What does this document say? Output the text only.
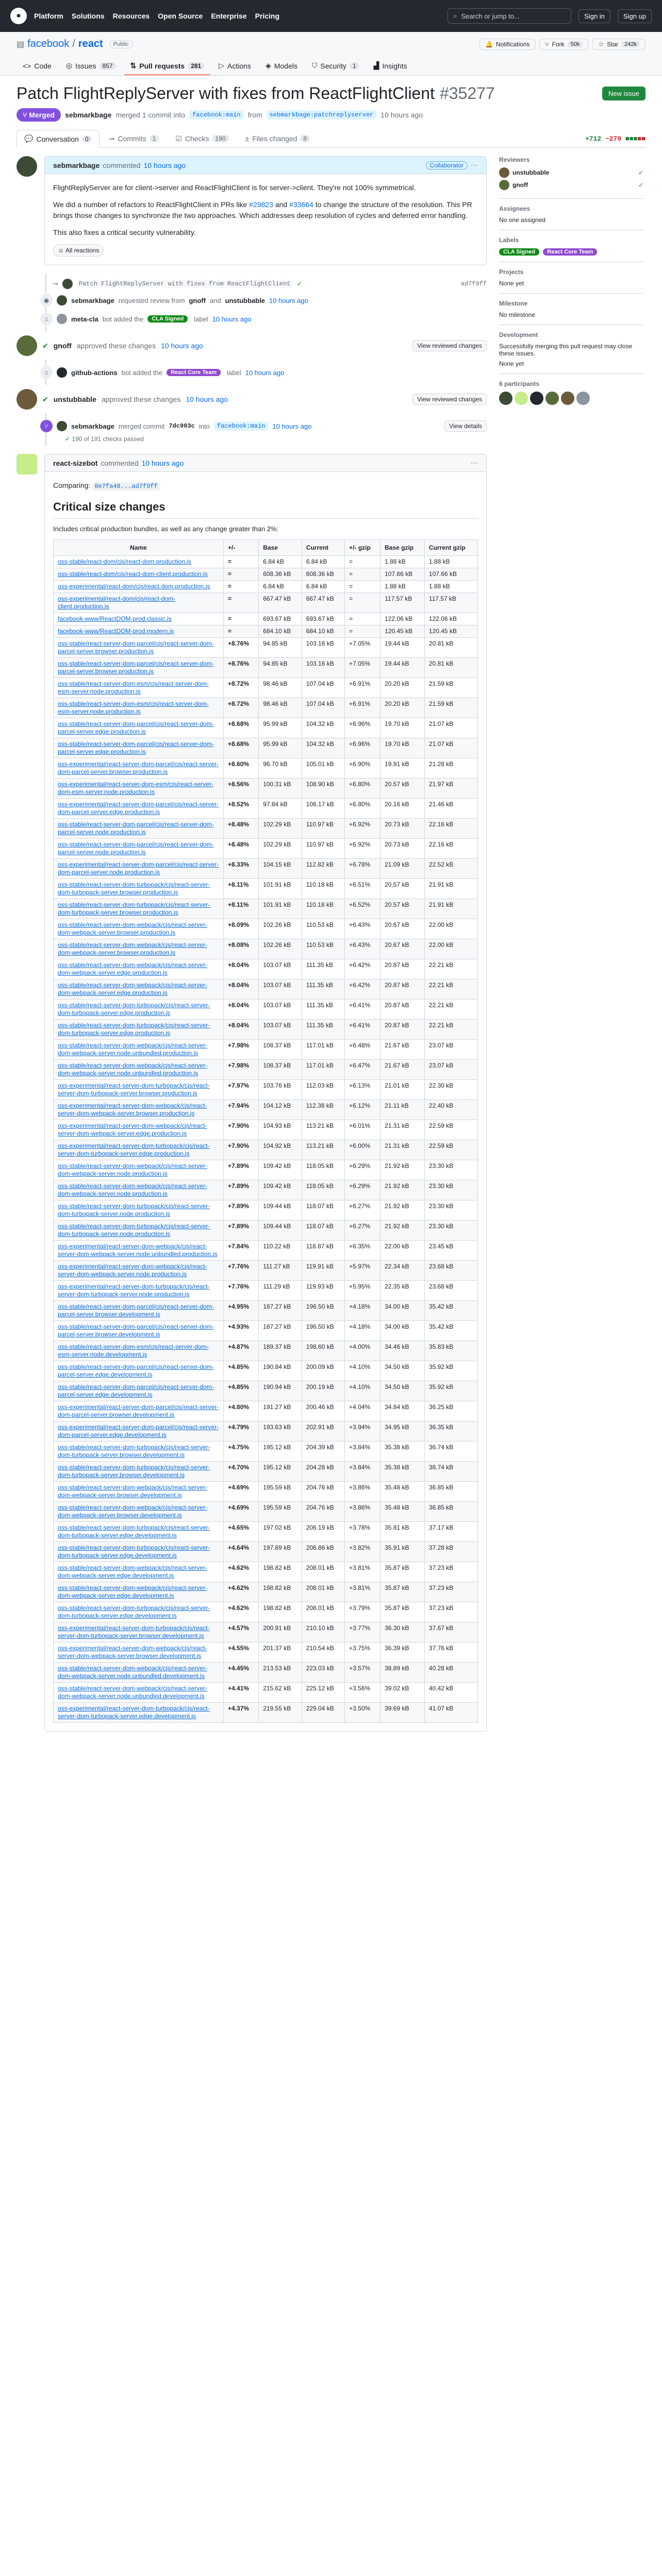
●	Platform Solutions Resources Open Source Enterprise Pricing	⌕ Search or jump to...	Sign in	Sign up
▤ facebook / react	Public	🔔 Notifications	⑂ Fork	50k	☆ Star	242k
<> Code ◎ Issues	857	⇅ Pull requests	281	▷ Actions ◈ Models ⛉ Security	1	▟ Insights
Patch FlightReplyServer with fixes from ReactFlightClient #35277	New issue
⑂ Merged	sebmarkbage merged 1 commit into	facebook:main	from	sebmarkbage:patchreplyserver	10 hours ago
💬 Conversation	0	⊸ Commits	1	☑ Checks	190	± Files changed	8	+712 −270 ■■■■■
sebmarkbage commented 10 hours ago	Collaborator	⋯

FlightReplyServer are for client->server and ReactFlightClient is for server->client. They're not 100% symmetrical.

We did a number of refactors to ReactFlightClient in PRs like #29823 and #33664 to change the structure of the resolution. This PR brings those changes to synchronize the two approaches. Which addresses deep resolution of cycles and deferred error handling.

This also fixes a critical security vulnerability.

☺ All reactions
⊸	Patch FlightReplyServer with fixes from ReactFlightClient ✓	ad7f9ff
◉	sebmarkbage requested review from gnoff and unstubbable 10 hours ago
⌂	meta-cla bot added the	CLA Signed	label 10 hours ago
✔ gnoff approved these changes 10 hours ago	View reviewed changes
⌂	github-actions bot added the	React Core Team	label 10 hours ago
✔ unstubbable approved these changes 10 hours ago	View reviewed changes
⑂	sebmarkbage merged commit 7dc903c into	facebook:main	10 hours ago	View details
✓ 190 of 191 checks passed
react-sizebot commented 10 hours ago	⋯
Comparing: 0e7fa48...ad7f9ff
Critical size changes
Includes critical production bundles, as well as any change greater than 2%:
Name	+/-	Base	Current	+/- gzip	Base gzip	Current gzip
oss-stable/react-dom/cjs/react-dom.production.js	=	6.84 kB	6.84 kB	=	1.88 kB	1.88 kB
oss-stable/react-dom/cjs/react-dom-client.production.js	=	608.36 kB	608.36 kB	=	107.66 kB	107.66 kB
oss-experimental/react-dom/cjs/react-dom.production.js	=	6.84 kB	6.84 kB	=	1.88 kB	1.88 kB
oss-experimental/react-dom/cjs/react-dom-client.production.js	=	667.47 kB	667.47 kB	=	117.57 kB	117.57 kB
facebook-www/ReactDOM-prod.classic.js	=	693.67 kB	693.67 kB	=	122.06 kB	122.06 kB
facebook-www/ReactDOM-prod.modern.js	=	684.10 kB	684.10 kB	=	120.45 kB	120.45 kB
oss-stable/react-server-dom-parcel/cjs/react-server-dom-parcel-server.browser.production.js	+8.76%	94.85 kB	103.16 kB	+7.05%	19.44 kB	20.81 kB
oss-stable/react-server-dom-parcel/cjs/react-server-dom-parcel-server.browser.production.js	+8.76%	94.85 kB	103.16 kB	+7.05%	19.44 kB	20.81 kB
oss-stable/react-server-dom-esm/cjs/react-server-dom-esm-server.node.production.js	+8.72%	98.46 kB	107.04 kB	+6.91%	20.20 kB	21.59 kB
oss-stable/react-server-dom-esm/cjs/react-server-dom-esm-server.node.production.js	+8.72%	98.46 kB	107.04 kB	+6.91%	20.20 kB	21.59 kB
oss-stable/react-server-dom-parcel/cjs/react-server-dom-parcel-server.edge.production.js	+8.68%	95.99 kB	104.32 kB	+6.96%	19.70 kB	21.07 kB
oss-stable/react-server-dom-parcel/cjs/react-server-dom-parcel-server.edge.production.js	+8.68%	95.99 kB	104.32 kB	+6.96%	19.70 kB	21.07 kB
oss-experimental/react-server-dom-parcel/cjs/react-server-dom-parcel-server.browser.production.js	+8.60%	96.70 kB	105.01 kB	+6.90%	19.91 kB	21.28 kB
oss-experimental/react-server-dom-esm/cjs/react-server-dom-esm-server.node.production.js	+8.56%	100.31 kB	108.90 kB	+6.80%	20.57 kB	21.97 kB
oss-experimental/react-server-dom-parcel/cjs/react-server-dom-parcel-server.edge.production.js	+8.52%	97.84 kB	106.17 kB	+6.80%	20.16 kB	21.46 kB
oss-stable/react-server-dom-parcel/cjs/react-server-dom-parcel-server.node.production.js	+8.48%	102.29 kB	110.97 kB	+6.92%	20.73 kB	22.16 kB
oss-stable/react-server-dom-parcel/cjs/react-server-dom-parcel-server.node.production.js	+8.48%	102.29 kB	110.97 kB	+6.92%	20.73 kB	22.16 kB
oss-experimental/react-server-dom-parcel/cjs/react-server-dom-parcel-server.node.production.js	+8.33%	104.15 kB	112.82 kB	+6.78%	21.09 kB	22.52 kB
oss-stable/react-server-dom-turbopack/cjs/react-server-dom-turbopack-server.browser.production.js	+8.11%	101.91 kB	110.18 kB	+6.51%	20.57 kB	21.91 kB
oss-stable/react-server-dom-turbopack/cjs/react-server-dom-turbopack-server.browser.production.js	+8.11%	101.91 kB	110.18 kB	+6.52%	20.57 kB	21.91 kB
oss-stable/react-server-dom-webpack/cjs/react-server-dom-webpack-server.browser.production.js	+8.09%	102.26 kB	110.53 kB	+6.43%	20.67 kB	22.00 kB
oss-stable/react-server-dom-webpack/cjs/react-server-dom-webpack-server.browser.production.js	+8.08%	102.26 kB	110.53 kB	+6.43%	20.67 kB	22.00 kB
oss-stable/react-server-dom-webpack/cjs/react-server-dom-webpack-server.edge.production.js	+8.04%	103.07 kB	111.35 kB	+6.42%	20.87 kB	22.21 kB
oss-stable/react-server-dom-webpack/cjs/react-server-dom-webpack-server.edge.production.js	+8.04%	103.07 kB	111.35 kB	+6.42%	20.87 kB	22.21 kB
oss-stable/react-server-dom-turbopack/cjs/react-server-dom-turbopack-server.edge.production.js	+8.04%	103.07 kB	111.35 kB	+6.41%	20.87 kB	22.21 kB
oss-stable/react-server-dom-turbopack/cjs/react-server-dom-turbopack-server.edge.production.js	+8.04%	103.07 kB	111.35 kB	+6.41%	20.87 kB	22.21 kB
oss-stable/react-server-dom-webpack/cjs/react-server-dom-webpack-server.node.unbundled.production.js	+7.98%	108.37 kB	117.01 kB	+6.48%	21.67 kB	23.07 kB
oss-stable/react-server-dom-webpack/cjs/react-server-dom-webpack-server.node.unbundled.production.js	+7.98%	108.37 kB	117.01 kB	+6.47%	21.67 kB	23.07 kB
oss-experimental/react-server-dom-turbopack/cjs/react-server-dom-turbopack-server.browser.production.js	+7.97%	103.76 kB	112.03 kB	+6.13%	21.01 kB	22.30 kB
oss-experimental/react-server-dom-webpack/cjs/react-server-dom-webpack-server.browser.production.js	+7.94%	104.12 kB	112.38 kB	+6.12%	21.11 kB	22.40 kB
oss-experimental/react-server-dom-webpack/cjs/react-server-dom-webpack-server.edge.production.js	+7.90%	104.93 kB	113.21 kB	+6.01%	21.31 kB	22.59 kB
oss-experimental/react-server-dom-turbopack/cjs/react-server-dom-turbopack-server.edge.production.js	+7.90%	104.92 kB	113.21 kB	+6.00%	21.31 kB	22.59 kB
oss-stable/react-server-dom-webpack/cjs/react-server-dom-webpack-server.node.production.js	+7.89%	109.42 kB	118.05 kB	+6.29%	21.92 kB	23.30 kB
oss-stable/react-server-dom-webpack/cjs/react-server-dom-webpack-server.node.production.js	+7.89%	109.42 kB	118.05 kB	+6.29%	21.92 kB	23.30 kB
oss-stable/react-server-dom-turbopack/cjs/react-server-dom-turbopack-server.node.production.js	+7.89%	109.44 kB	118.07 kB	+6.27%	21.92 kB	23.30 kB
oss-stable/react-server-dom-turbopack/cjs/react-server-dom-turbopack-server.node.production.js	+7.89%	109.44 kB	118.07 kB	+6.27%	21.92 kB	23.30 kB
oss-experimental/react-server-dom-webpack/cjs/react-server-dom-webpack-server.node.unbundled.production.js	+7.84%	110.22 kB	118.87 kB	+6.35%	22.00 kB	23.45 kB
oss-experimental/react-server-dom-webpack/cjs/react-server-dom-webpack-server.node.production.js	+7.76%	111.27 kB	119.91 kB	+5.97%	22.34 kB	23.68 kB
oss-experimental/react-server-dom-turbopack/cjs/react-server-dom-turbopack-server.node.production.js	+7.76%	111.29 kB	119.93 kB	+5.95%	22.35 kB	23.68 kB
oss-stable/react-server-dom-parcel/cjs/react-server-dom-parcel-server.browser.development.js	+4.95%	187.27 kB	196.50 kB	+4.18%	34.00 kB	35.42 kB
oss-stable/react-server-dom-parcel/cjs/react-server-dom-parcel-server.browser.development.js	+4.93%	187.27 kB	196.50 kB	+4.18%	34.00 kB	35.42 kB
oss-stable/react-server-dom-esm/cjs/react-server-dom-esm-server.node.development.js	+4.87%	189.37 kB	198.60 kB	+4.00%	34.46 kB	35.83 kB
oss-stable/react-server-dom-parcel/cjs/react-server-dom-parcel-server.edge.development.js	+4.85%	190.84 kB	200.09 kB	+4.10%	34.50 kB	35.92 kB
oss-stable/react-server-dom-parcel/cjs/react-server-dom-parcel-server.edge.development.js	+4.85%	190.94 kB	200.19 kB	+4.10%	34.50 kB	35.92 kB
oss-experimental/react-server-dom-parcel/cjs/react-server-dom-parcel-server.browser.development.js	+4.80%	191.27 kB	200.46 kB	+4.04%	34.84 kB	36.25 kB
oss-experimental/react-server-dom-parcel/cjs/react-server-dom-parcel-server.edge.development.js	+4.79%	193.63 kB	202.91 kB	+3.94%	34.95 kB	36.35 kB
oss-stable/react-server-dom-turbopack/cjs/react-server-dom-turbopack-server.browser.development.js	+4.75%	195.12 kB	204.39 kB	+3.84%	35.38 kB	36.74 kB
oss-stable/react-server-dom-turbopack/cjs/react-server-dom-turbopack-server.browser.development.js	+4.70%	195.12 kB	204.28 kB	+3.84%	35.38 kB	36.74 kB
oss-stable/react-server-dom-webpack/cjs/react-server-dom-webpack-server.browser.development.js	+4.69%	195.59 kB	204.76 kB	+3.86%	35.48 kB	36.85 kB
oss-stable/react-server-dom-webpack/cjs/react-server-dom-webpack-server.browser.development.js	+4.69%	195.59 kB	204.76 kB	+3.86%	35.48 kB	36.85 kB
oss-stable/react-server-dom-turbopack/cjs/react-server-dom-turbopack-server.edge.development.js	+4.65%	197.02 kB	206.19 kB	+3.78%	35.81 kB	37.17 kB
oss-stable/react-server-dom-turbopack/cjs/react-server-dom-turbopack-server.edge.development.js	+4.64%	197.69 kB	206.86 kB	+3.82%	35.91 kB	37.28 kB
oss-stable/react-server-dom-webpack/cjs/react-server-dom-webpack-server.edge.development.js	+4.62%	198.82 kB	208.01 kB	+3.81%	35.87 kB	37.23 kB
oss-stable/react-server-dom-webpack/cjs/react-server-dom-webpack-server.edge.development.js	+4.62%	198.82 kB	208.01 kB	+3.81%	35.87 kB	37.23 kB
oss-stable/react-server-dom-turbopack/cjs/react-server-dom-turbopack-server.edge.development.js	+4.62%	198.82 kB	208.01 kB	+3.79%	35.87 kB	37.23 kB
oss-experimental/react-server-dom-turbopack/cjs/react-server-dom-turbopack-server.browser.development.js	+4.57%	200.91 kB	210.10 kB	+3.77%	36.30 kB	37.67 kB
oss-experimental/react-server-dom-webpack/cjs/react-server-dom-webpack-server.browser.development.js	+4.55%	201.37 kB	210.54 kB	+3.75%	36.39 kB	37.76 kB
oss-stable/react-server-dom-webpack/cjs/react-server-dom-webpack-server.node.unbundled.development.js	+4.45%	213.53 kB	223.03 kB	+3.57%	38.89 kB	40.28 kB
oss-stable/react-server-dom-webpack/cjs/react-server-dom-webpack-server.node.unbundled.development.js	+4.41%	215.62 kB	225.12 kB	+3.56%	39.02 kB	40.42 kB
oss-experimental/react-server-dom-turbopack/cjs/react-server-dom-turbopack-server.edge.development.js	+4.37%	219.55 kB	229.04 kB	+3.50%	39.69 kB	41.07 kB
Reviewers
unstubbable	✓
gnoff	✓
Assignees
No one assigned
Labels
CLA Signed React Core Team
Projects
None yet
Milestone
No milestone
Development
Successfully merging this pull request may close these issues.
None yet
6 participants
